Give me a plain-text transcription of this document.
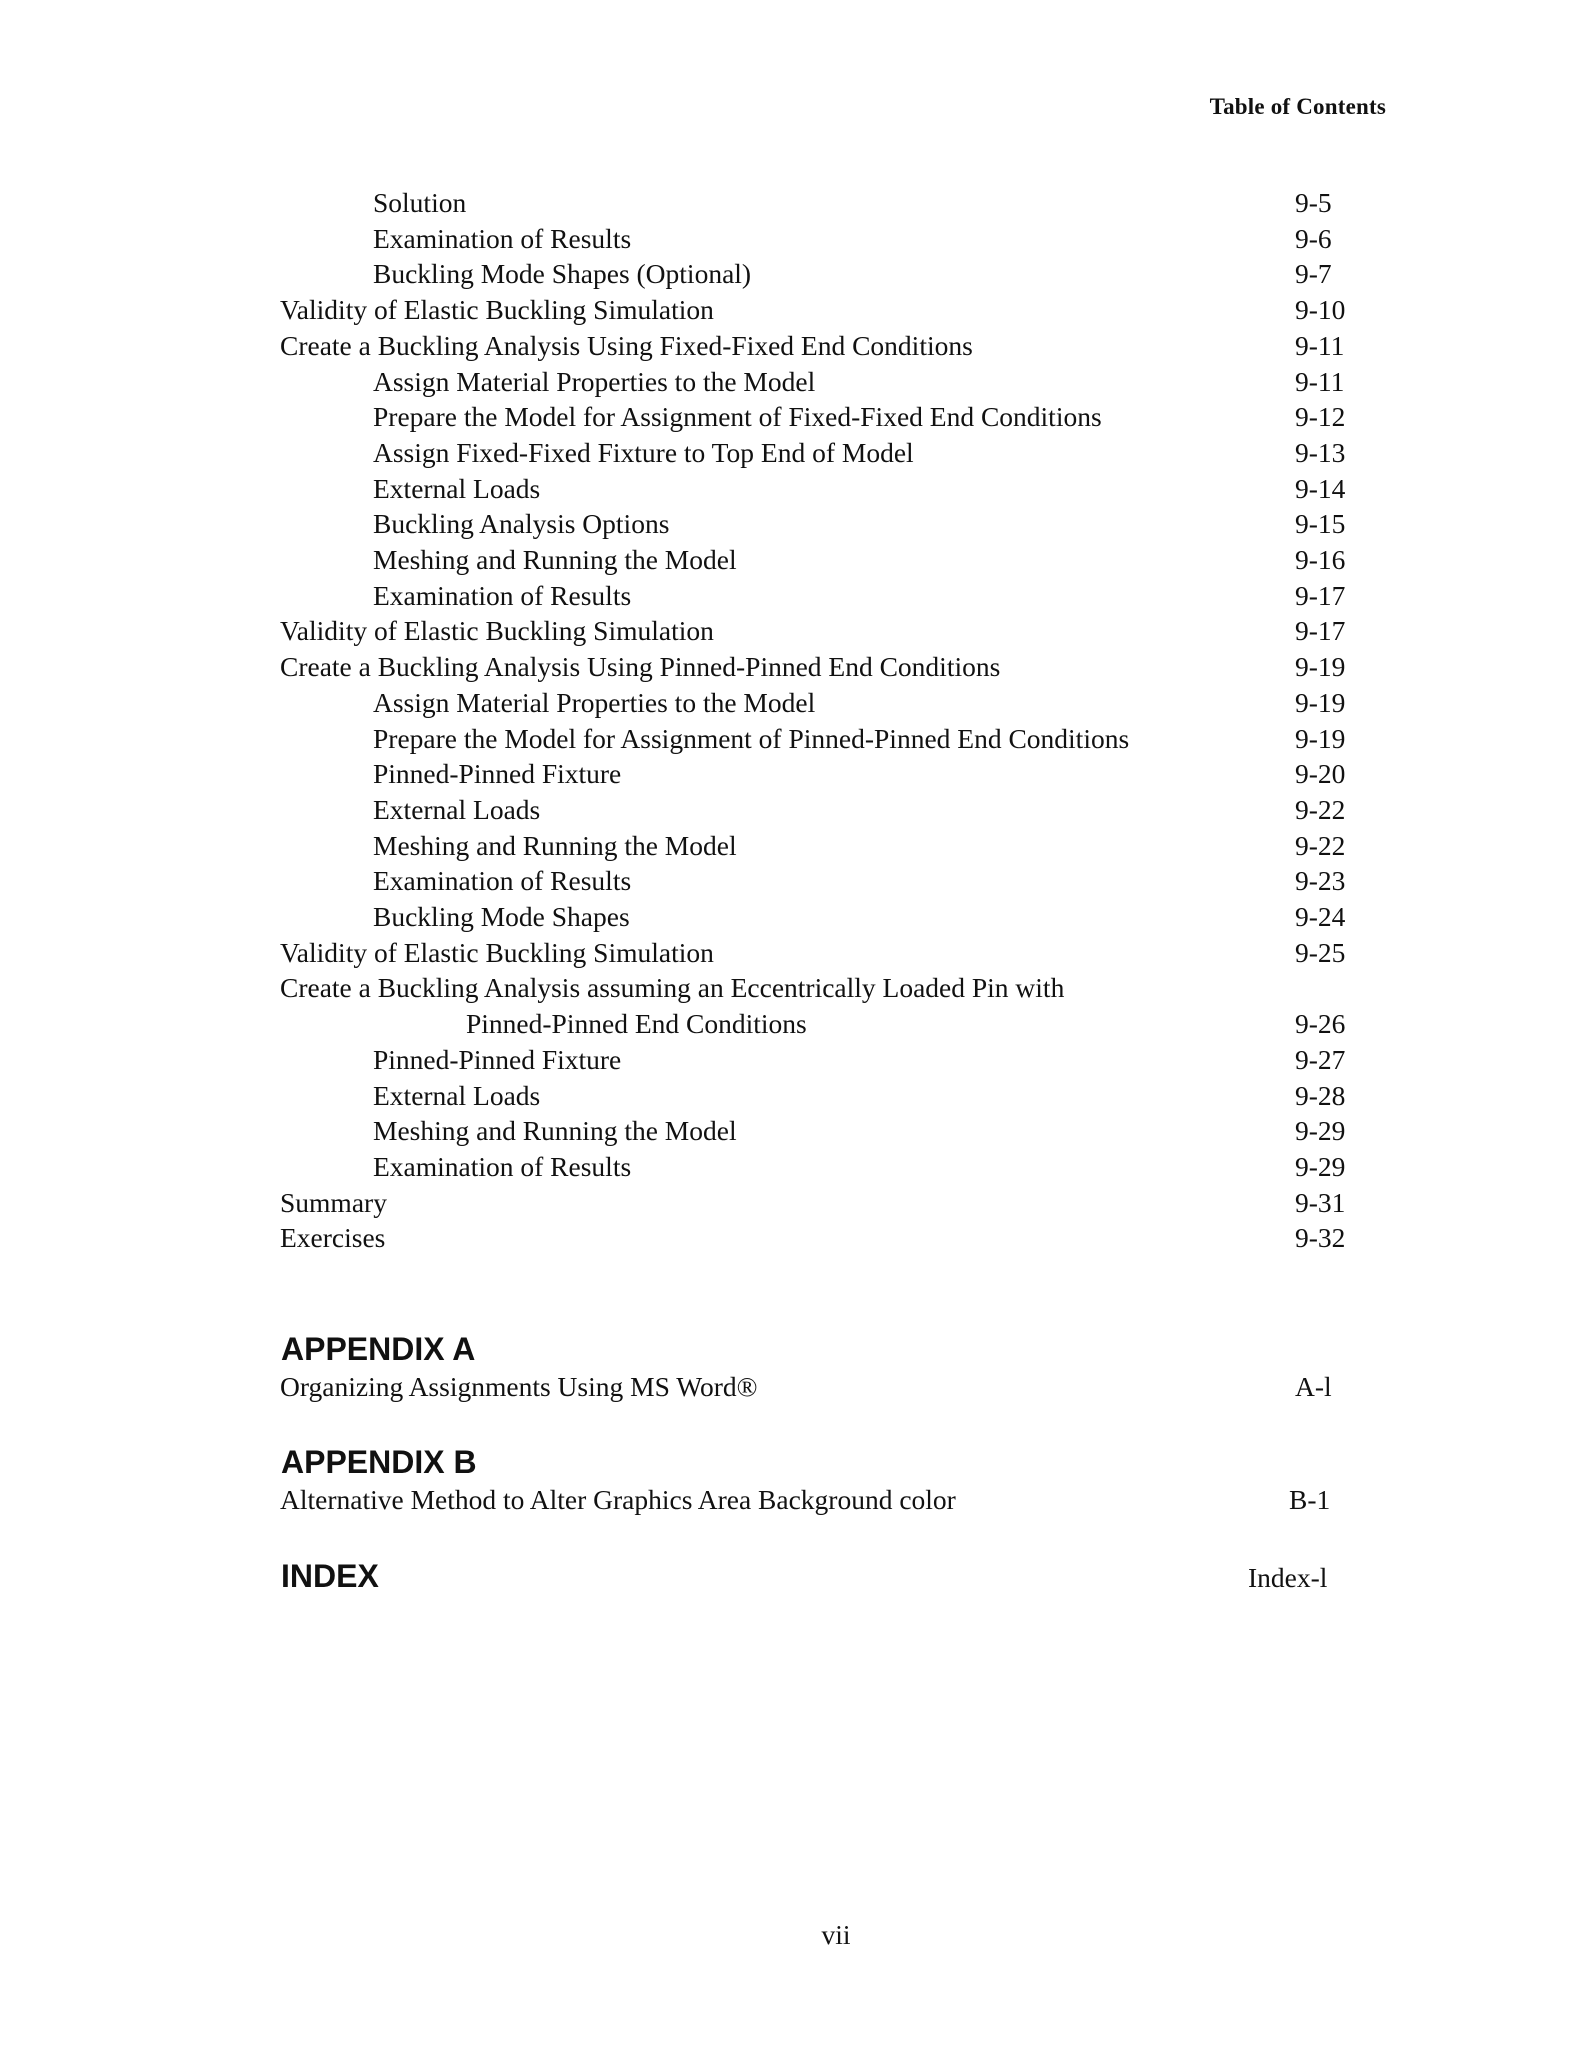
Table of Contents
Solution	9-5
Examination of Results	9-6
Buckling Mode Shapes (Optional)	9-7
Validity of Elastic Buckling Simulation	9-10
Create a Buckling Analysis Using Fixed-Fixed End Conditions	9-11
Assign Material Properties to the Model	9-11
Prepare the Model for Assignment of Fixed-Fixed End Conditions	9-12
Assign Fixed-Fixed Fixture to Top End of Model	9-13
External Loads	9-14
Buckling Analysis Options	9-15
Meshing and Running the Model	9-16
Examination of Results	9-17
Validity of Elastic Buckling Simulation	9-17
Create a Buckling Analysis Using Pinned-Pinned End Conditions	9-19
Assign Material Properties to the Model	9-19
Prepare the Model for Assignment of Pinned-Pinned End Conditions	9-19
Pinned-Pinned Fixture	9-20
External Loads	9-22
Meshing and Running the Model	9-22
Examination of Results	9-23
Buckling Mode Shapes	9-24
Validity of Elastic Buckling Simulation	9-25
Create a Buckling Analysis assuming an Eccentrically Loaded Pin with
Pinned-Pinned End Conditions	9-26
Pinned-Pinned Fixture	9-27
External Loads	9-28
Meshing and Running the Model	9-29
Examination of Results	9-29
Summary	9-31
Exercises	9-32
APPENDIX A
Organizing Assignments Using MS Word®	A-l
APPENDIX B
Alternative Method to Alter Graphics Area Background color	B-1
INDEX	Index-l
vii
